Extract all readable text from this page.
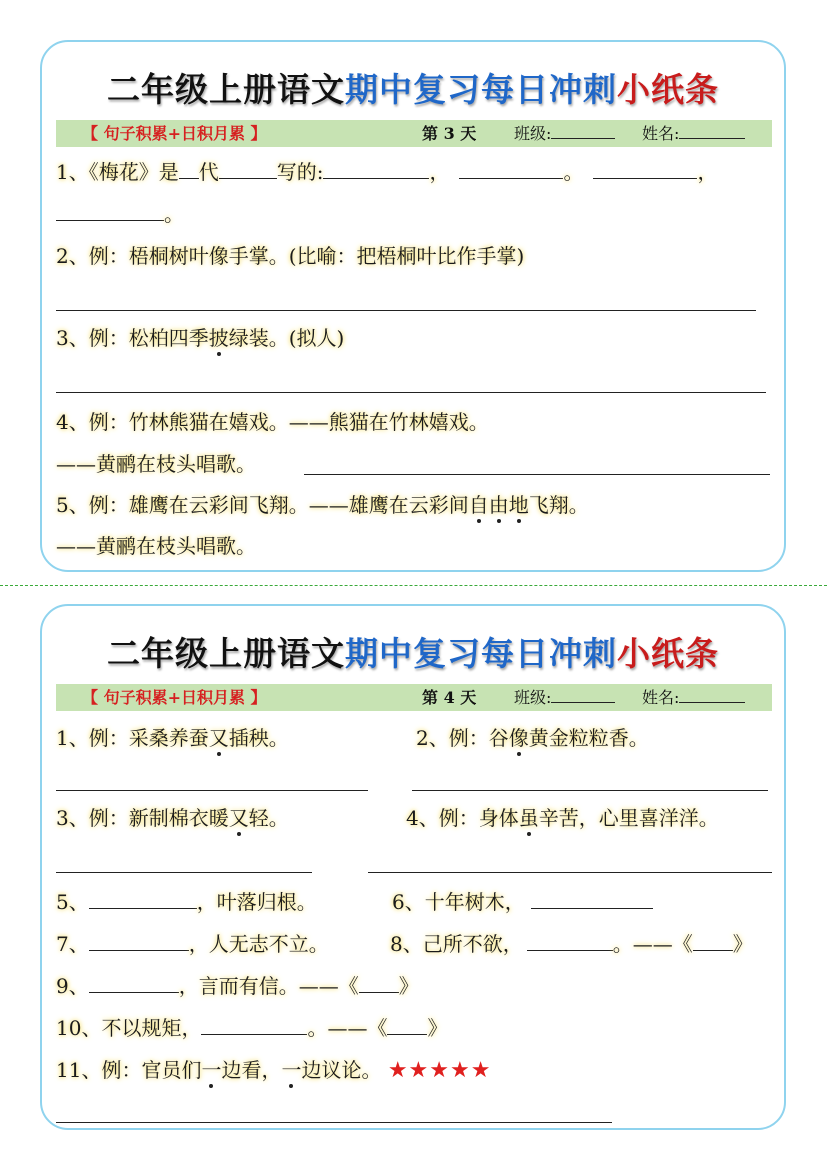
二年级上册语文期中复习每日冲刺小纸条
【 句子积累+日积月累 】	第 3 天 班级:	姓名:
1、《梅花》是 代	写的:	，	。	，
。
2、例：梧桐树叶像手掌。(比喻：把梧桐叶比作手掌)
3、例：松柏四季披绿装。(拟人)
4、例：竹林熊猫在嬉戏。——熊猫在竹林嬉戏。
——黄鹂在枝头唱歌。
5、例：雄鹰在云彩间飞翔。——雄鹰在云彩间自由地飞翔。
——黄鹂在枝头唱歌。
二年级上册语文期中复习每日冲刺小纸条
【 句子积累+日积月累 】	第 4 天 班级:	姓名:
1、例：采桑养蚕又插秧。	2、例：谷像黄金粒粒香。
3、例：新制棉衣暖又轻。	4、例：身体虽辛苦，心里喜洋洋。
5、	，叶落归根。	6、十年树木，
7、	，人无志不立。	8、己所不欲，	。——《 》
9、	，言而有信。——《 》
10、不以规矩，	。——《 》
11、例：官员们一边看，一边议论。 ★★★★★
